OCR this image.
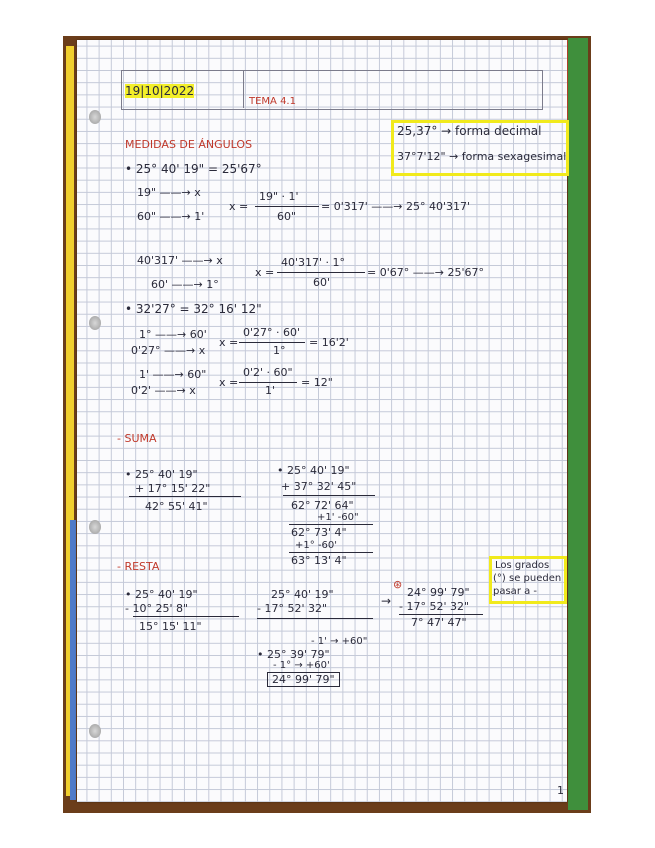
19|10|2022
TEMA 4.1
25,37° → forma decimal
37°7'12" → forma sexagesimal
MEDIDAS DE ÁNGULOS
• 25° 40' 19" = 25'67°
19" ——→ x
60" ——→ 1'
x =
19" · 1'
60"
= 0'317' ——→ 25° 40'317'
40'317' ——→ x
60' ——→ 1°
x =
40'317' · 1°
60'
= 0'67° ——→ 25'67°
• 32'27° = 32° 16' 12"
1° ——→ 60'
0'27° ——→ x
x =
0'27° · 60'
1°
= 16'2'
1' ——→ 60"
0'2' ——→ x
x =
0'2' · 60"
1'
= 12"
- SUMA
• 25° 40' 19"
+ 17° 15' 22"
42° 55' 41"
• 25° 40' 19"
+ 37° 32' 45"
62° 72' 64"
+1' -60"
62° 73' 4"
+1° -60'
63° 13' 4"
- RESTA	Los grados
(°) se pueden
pasar a -
• 25° 40' 19"
- 10° 25' 8"
15° 15' 11"
25° 40' 19"
- 17° 52' 32"
→
⊛
24° 99' 79"
- 17° 52' 32"
7° 47' 47"
- 1' → +60"
• 25° 39' 79"
- 1° → +60'
24° 99' 79"
1
